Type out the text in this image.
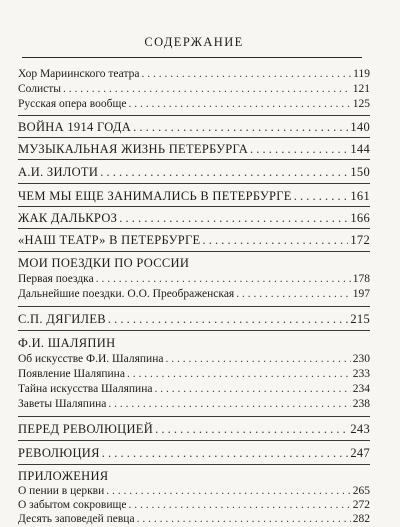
СОДЕРЖАНИЕ
Хор Мариинского театра . . .	119
Солисты . . .	121
Русская опера вообще . . .	125
ВОЙНА 1914 ГОДА . . .	140
МУЗЫКАЛЬНАЯ ЖИЗНЬ ПЕТЕРБУРГА . . .	144
А.И. ЗИЛОТИ . . .	150
ЧЕМ МЫ ЕЩЕ ЗАНИМАЛИСЬ В ПЕТЕРБУРГЕ . . .	161
ЖАК ДАЛЬКРОЗ . . .	166
«НАШ ТЕАТР» В ПЕТЕРБУРГЕ . . .	172
МОИ ПОЕЗДКИ ПО РОССИИ
Первая поездка . . .	178
Дальнейшие поездки. О.О. Преображенская . . .	197
С.П. ДЯГИЛЕВ . . .	215
Ф.И. ШАЛЯПИН
Об искусстве Ф.И. Шаляпина . . .	230
Появление Шаляпина . . .	233
Тайна искусства Шаляпина . . .	234
Заветы Шаляпина . . .	238
ПЕРЕД РЕВОЛЮЦИЕЙ . . .	243
РЕВОЛЮЦИЯ . . .	247
ПРИЛОЖЕНИЯ
О пении в церкви . . .	265
О забытом сокровище . . .	272
Десять заповедей певца . . .	282
